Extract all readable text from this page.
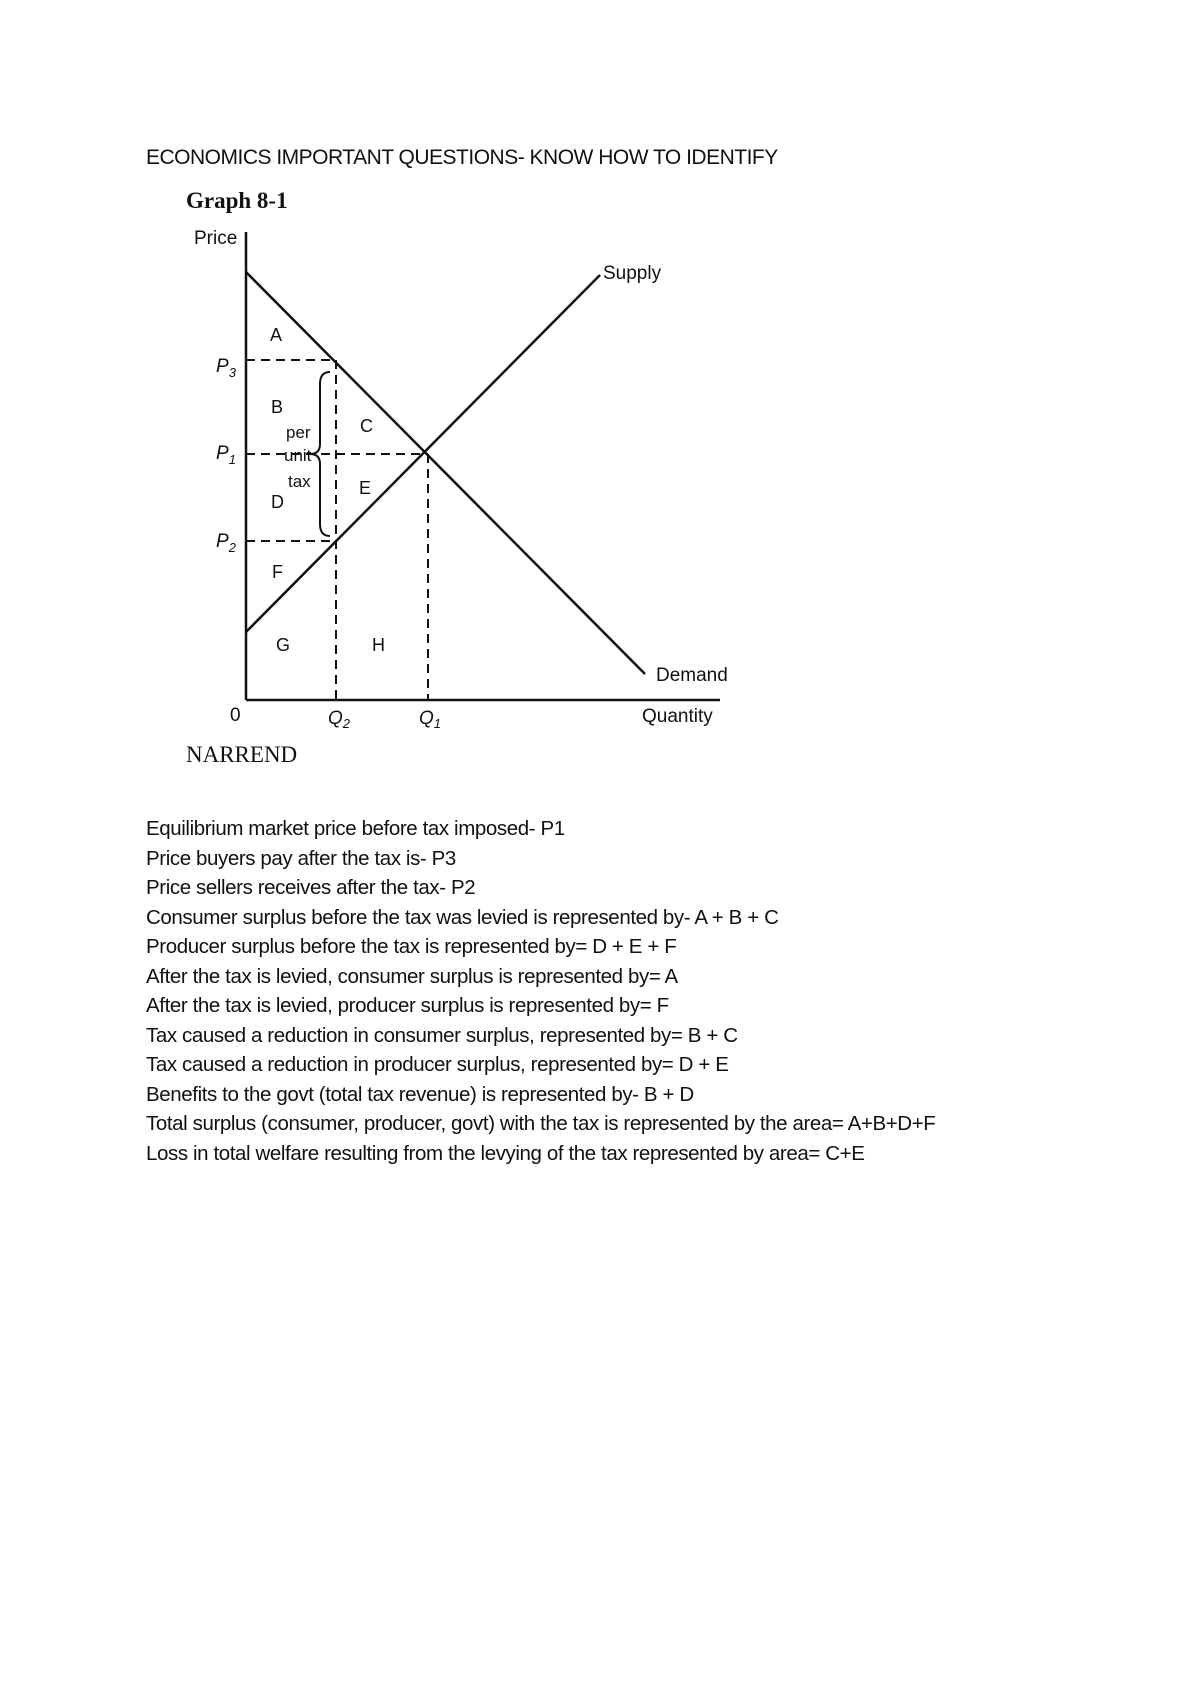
ECONOMICS IMPORTANT QUESTIONS- KNOW HOW TO IDENTIFY
Graph 8-1
Price
Quantity
0
Supply
Demand
$P_3$
$P_1$
$P_2$
$Q_2$	$Q_1$
A
B
C
D
E
F
G	H
per
unit
tax
NARREND
Equilibrium market price before tax imposed- P1
Price buyers pay after the tax is- P3
Price sellers receives after the tax- P2
Consumer surplus before the tax was levied is represented by- A + B + C
Producer surplus before the tax is represented by= D + E + F
After the tax is levied, consumer surplus is represented by= A
After the tax is levied, producer surplus is represented by= F
Tax caused a reduction in consumer surplus, represented by= B + C
Tax caused a reduction in producer surplus, represented by= D + E
Benefits to the govt (total tax revenue) is represented by- B + D
Total surplus (consumer, producer, govt) with the tax is represented by the area= A+B+D+F
Loss in total welfare resulting from the levying of the tax represented by area= C+E
